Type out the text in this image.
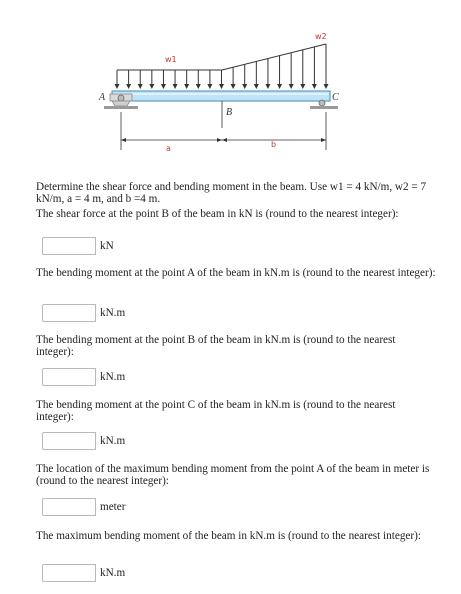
w1
w2
A
B
C
a	b
Determine the shear force and bending moment in the beam. Use w1 = 4 kN/m, w2 = 7 kN/m, a = 4 m, and b =4 m.
The shear force at the point B of the beam in kN is (round to the nearest integer):
kN
The bending moment at the point A of the beam in kN.m is (round to the nearest integer):
kN.m
The bending moment at the point B of the beam in kN.m is (round to the nearest integer):
kN.m
The bending moment at the point C of the beam in kN.m is (round to the nearest integer):
kN.m
The location of the maximum bending moment from the point A of the beam in meter is (round to the nearest integer):
meter
The maximum bending moment of the beam in kN.m is (round to the nearest integer):
kN.m
